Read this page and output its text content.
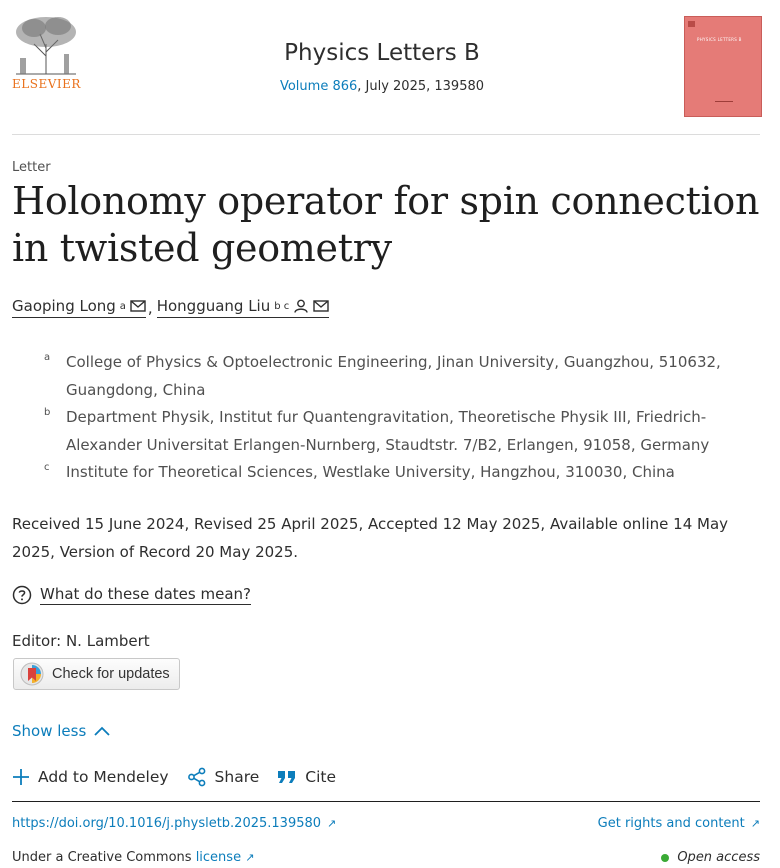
ELSEVIER
Physics Letters B
Volume 866, July 2025, 139580
PHYSICS LETTERS B
Letter
Holonomy operator for spin connection in twisted geometry
Gaoping Long a , Hongguang Liu b c
a	College of Physics & Optoelectronic Engineering, Jinan University, Guangzhou, 510632, Guangdong, China
b	Department Physik, Institut fur Quantengravitation, Theoretische Physik III, Friedrich-Alexander Universitat Erlangen-Nurnberg, Staudtstr. 7/B2, Erlangen, 91058, Germany
c	Institute for Theoretical Sciences, Westlake University, Hangzhou, 310030, China
Received 15 June 2024, Revised 25 April 2025, Accepted 12 May 2025, Available online 14 May 2025, Version of Record 20 May 2025.
What do these dates mean?
Editor: N. Lambert
Check for updates
Show less
Add to Mendeley	Share	Cite
https://doi.org/10.1016/j.physletb.2025.139580 ↗	Get rights and content ↗
Under a Creative Commons license ↗	Open access
